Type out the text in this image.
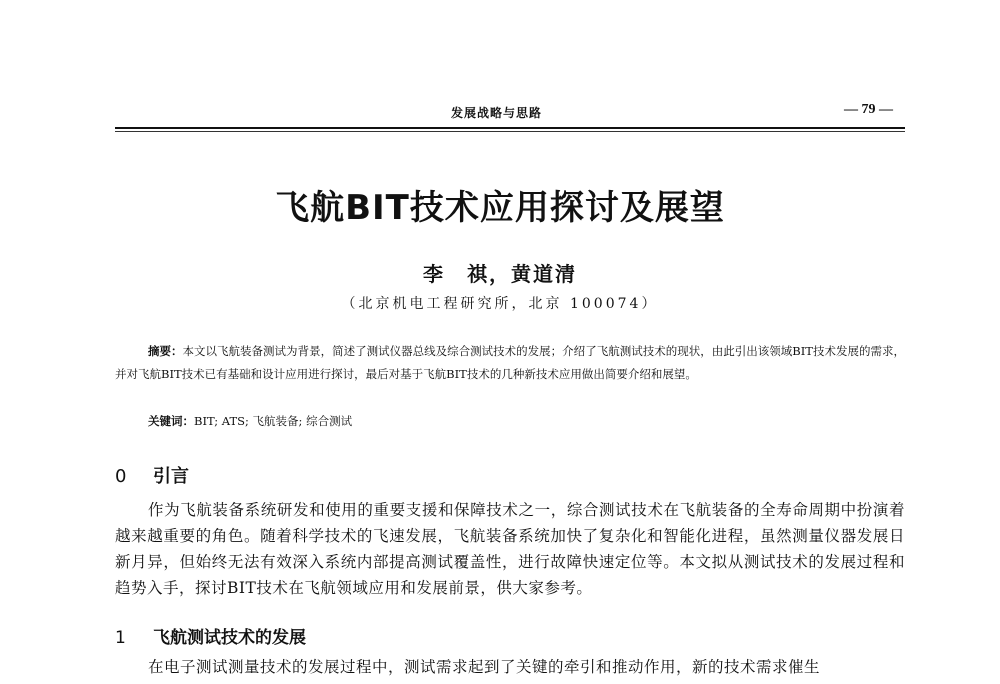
发展战略与思路	— 79 —
飞航BIT技术应用探讨及展望
李　祺，黄道清
（北京机电工程研究所，北京 100074）
摘要：本文以飞航装备测试为背景，简述了测试仪器总线及综合测试技术的发展；介绍了飞航测试技术的现状，由此引出该领域BIT技术发展的需求，并对飞航BIT技术已有基础和设计应用进行探讨，最后对基于飞航BIT技术的几种新技术应用做出简要介绍和展望。
关键词：BIT; ATS; 飞航装备; 综合测试
0 引言
作为飞航装备系统研发和使用的重要支援和保障技术之一，综合测试技术在飞航装备的全寿命周期中扮演着越来越重要的角色。随着科学技术的飞速发展，飞航装备系统加快了复杂化和智能化进程，虽然测量仪器发展日新月异，但始终无法有效深入系统内部提高测试覆盖性，进行故障快速定位等。本文拟从测试技术的发展过程和趋势入手，探讨BIT技术在飞航领域应用和发展前景，供大家参考。
1 飞航测试技术的发展
在电子测试测量技术的发展过程中，测试需求起到了关键的牵引和推动作用，新的技术需求催生
